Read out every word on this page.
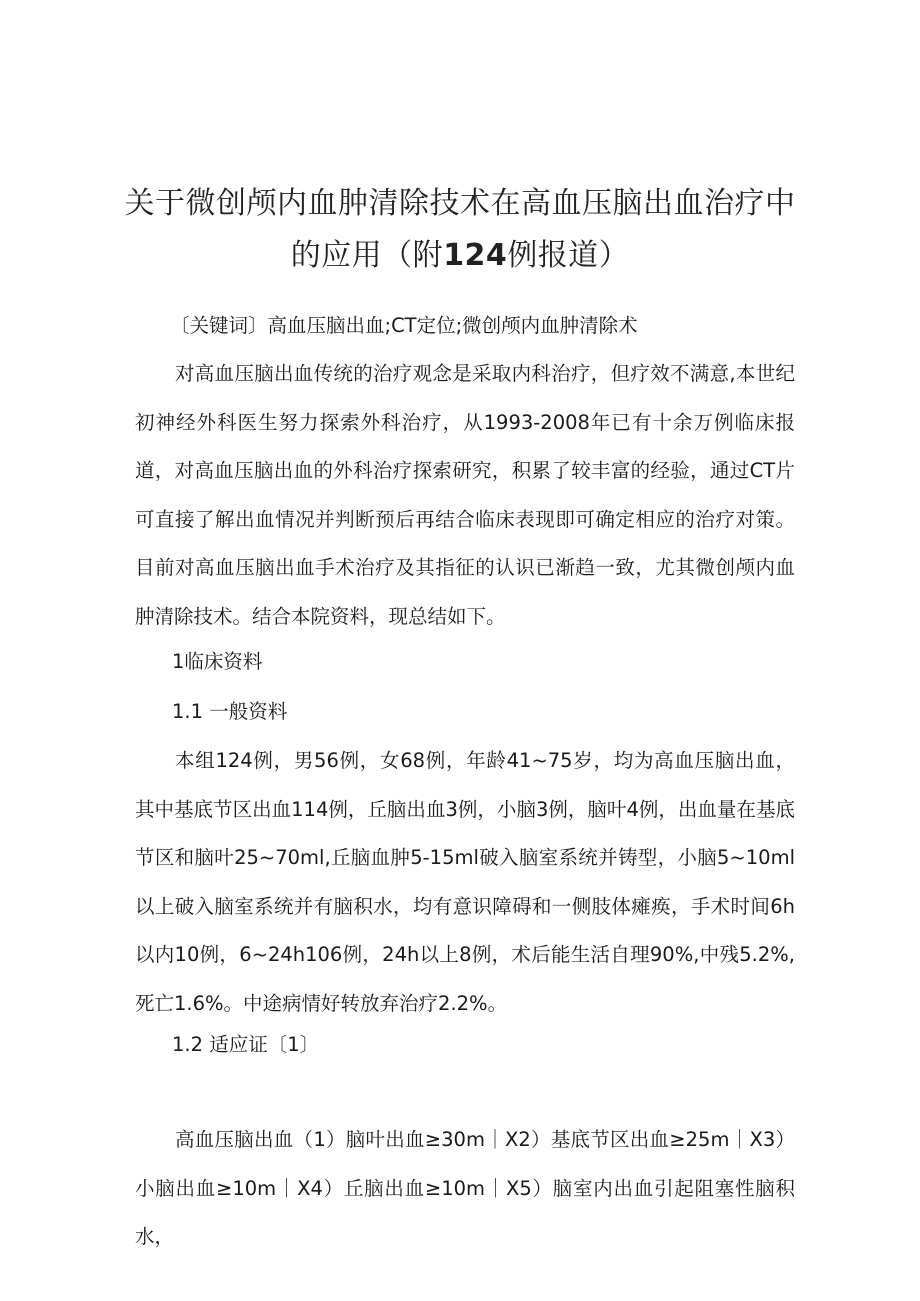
关于微创颅内血肿清除技术在高血压脑出血治疗中
的应用（附124例报道）
〔关键词〕高血压脑出血;CT定位;微创颅内血肿清除术
对高血压脑出血传统的治疗观念是采取内科治疗，但疗效不满意,本世纪初神经外科医生努力探索外科治疗，从1993-2008年已有十余万例临床报道，对高血压脑出血的外科治疗探索研究，积累了较丰富的经验，通过CT片可直接了解出血情况并判断预后再结合临床表现即可确定相应的治疗对策。目前对高血压脑出血手术治疗及其指征的认识已渐趋一致，尤其微创颅内血肿清除技术。结合本院资料，现总结如下。
1临床资料
1.1 一般资料
本组124例，男56例，女68例，年龄41~75岁，均为高血压脑出血，其中基底节区出血114例，丘脑出血3例，小脑3例，脑叶4例，出血量在基底节区和脑叶25~70ml,丘脑血肿5-15ml破入脑室系统并铸型，小脑5~10ml以上破入脑室系统并有脑积水，均有意识障碍和一侧肢体瘫痪，手术时间6h以内10例，6~24h106例，24h以上8例，术后能生活自理90%,中残5.2%,死亡1.6%。中途病情好转放弃治疗2.2%。
1.2 适应证〔1〕
高血压脑出血（1）脑叶出血≥30m｜X2）基底节区出血≥25m｜X3）小脑出血≥10m｜X4）丘脑出血≥10m｜X5）脑室内出血引起阻塞性脑积水，
